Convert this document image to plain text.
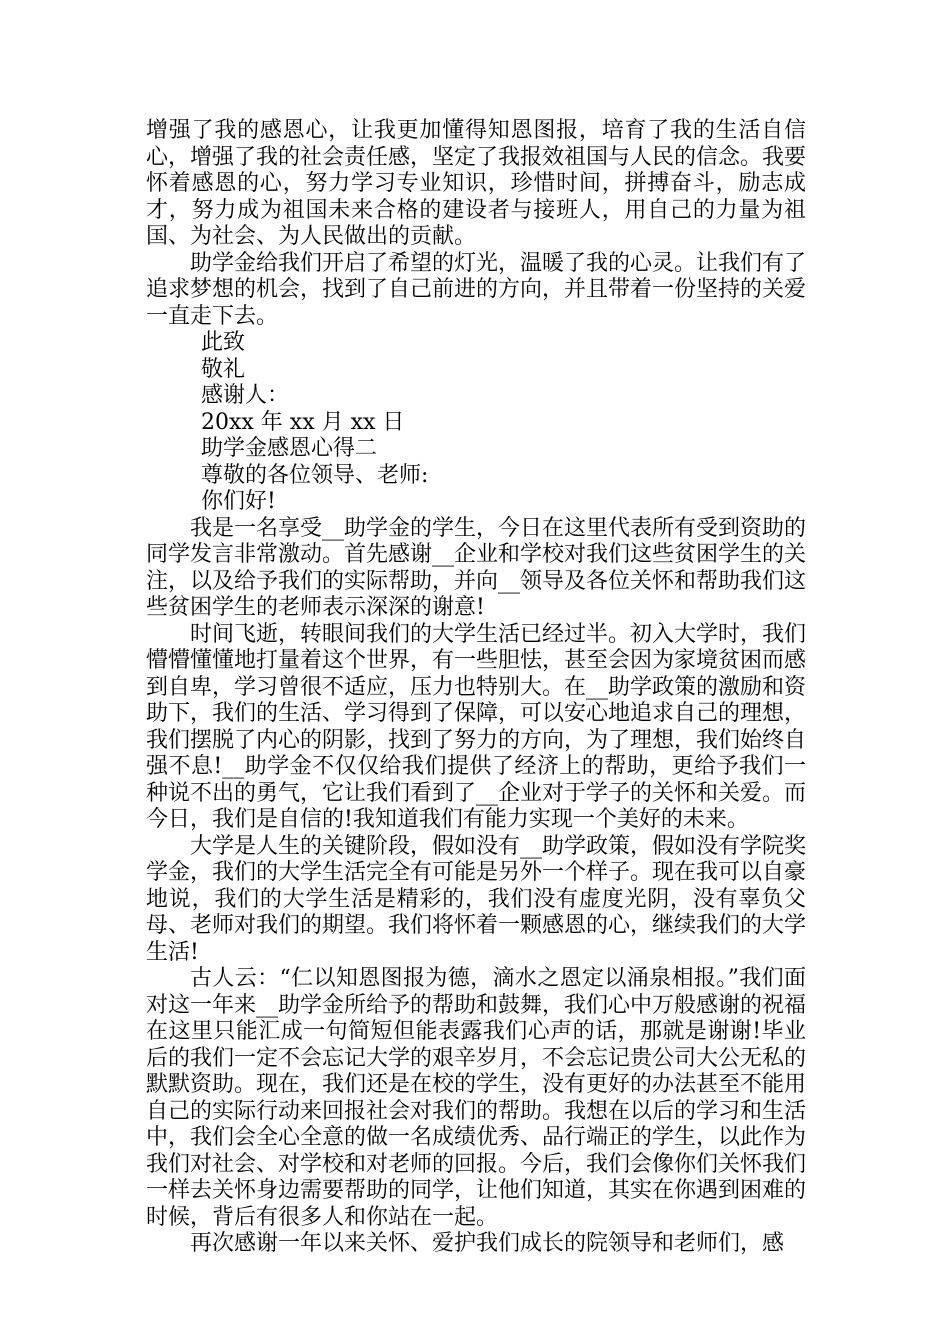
增强了我的感恩心，让我更加懂得知恩图报，培育了我的生活自信心，增强了我的社会责任感，坚定了我报效祖国与人民的信念。我要怀着感恩的心，努力学习专业知识，珍惜时间，拼搏奋斗，励志成才，努力成为祖国未来合格的建设者与接班人，用自己的力量为祖国、为社会、为人民做出的贡献。

助学金给我们开启了希望的灯光，温暖了我的心灵。让我们有了追求梦想的机会，找到了自己前进的方向，并且带着一份坚持的关爱一直走下去。

此致

敬礼

感谢人：

20xx 年 xx 月 xx 日

助学金感恩心得二

尊敬的各位领导、老师:

你们好!

我是一名享受__助学金的学生，今日在这里代表所有受到资助的同学发言非常激动。首先感谢__企业和学校对我们这些贫困学生的关注，以及给予我们的实际帮助，并向__领导及各位关怀和帮助我们这些贫困学生的老师表示深深的谢意!

时间飞逝，转眼间我们的大学生活已经过半。初入大学时，我们懵懵懂懂地打量着这个世界，有一些胆怯，甚至会因为家境贫困而感到自卑，学习曾很不适应，压力也特别大。在__助学政策的激励和资助下，我们的生活、学习得到了保障，可以安心地追求自己的理想，我们摆脱了内心的阴影，找到了努力的方向，为了理想，我们始终自强不息!__助学金不仅仅给我们提供了经济上的帮助，更给予我们一种说不出的勇气，它让我们看到了__企业对于学子的关怀和关爱。而今日，我们是自信的!我知道我们有能力实现一个美好的未来。

大学是人生的关键阶段，假如没有__助学政策，假如没有学院奖学金，我们的大学生活完全有可能是另外一个样子。现在我可以自豪地说，我们的大学生活是精彩的，我们没有虚度光阴，没有辜负父母、老师对我们的期望。我们将怀着一颗感恩的心，继续我们的大学生活!

古人云：“仁以知恩图报为德，滴水之恩定以涌泉相报。”我们面对这一年来__助学金所给予的帮助和鼓舞，我们心中万般感谢的祝福在这里只能汇成一句简短但能表露我们心声的话，那就是谢谢!毕业后的我们一定不会忘记大学的艰辛岁月，不会忘记贵公司大公无私的默默资助。现在，我们还是在校的学生，没有更好的办法甚至不能用自己的实际行动来回报社会对我们的帮助。我想在以后的学习和生活中，我们会全心全意的做一名成绩优秀、品行端正的学生，以此作为我们对社会、对学校和对老师的回报。今后，我们会像你们关怀我们一样去关怀身边需要帮助的同学，让他们知道，其实在你遇到困难的时候，背后有很多人和你站在一起。

再次感谢一年以来关怀、爱护我们成长的院领导和老师们，感
